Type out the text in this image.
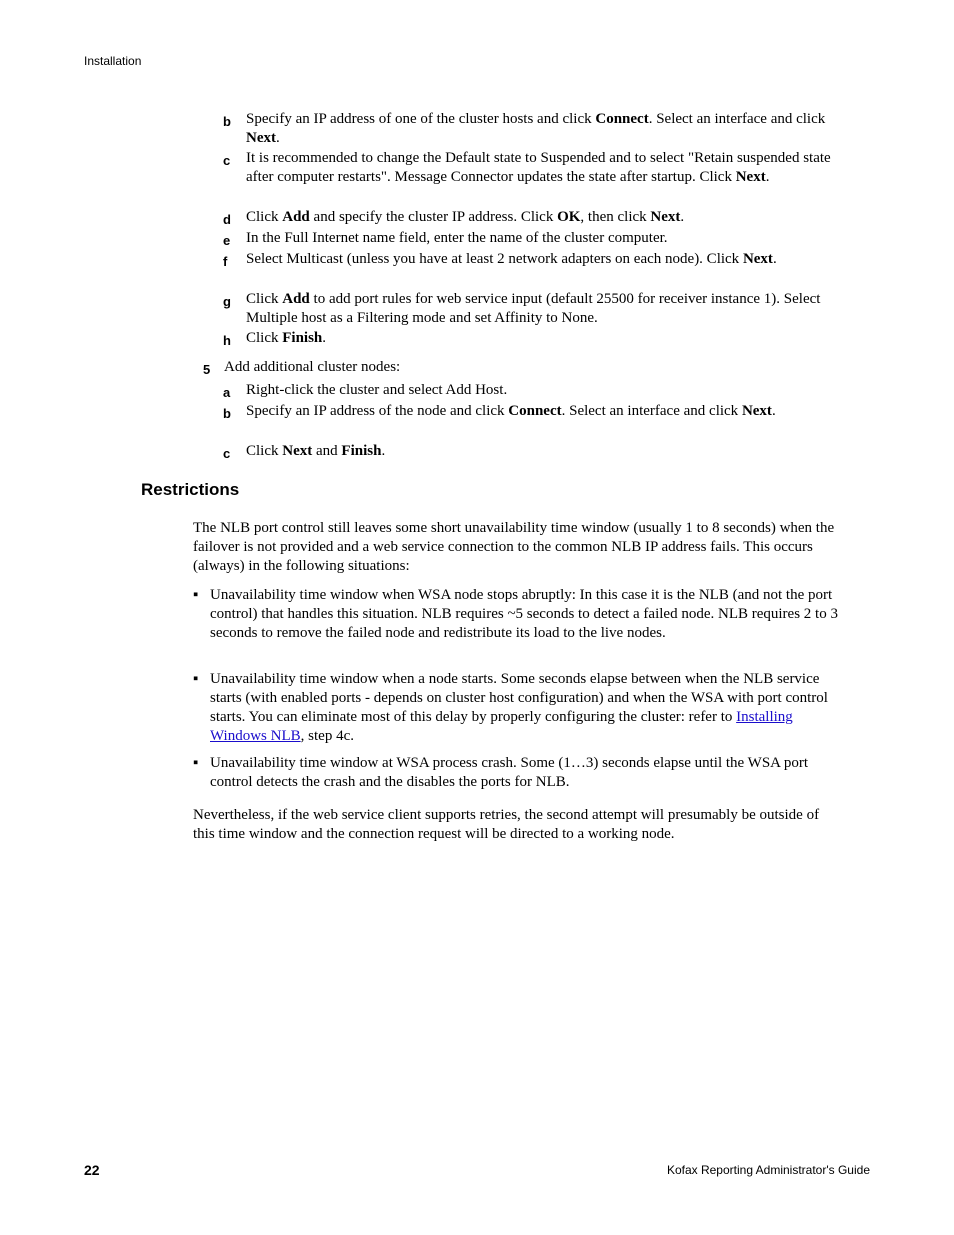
Installation
b Specify an IP address of one of the cluster hosts and click Connect. Select an interface and click Next.
c It is recommended to change the Default state to Suspended and to select "Retain suspended state after computer restarts". Message Connector updates the state after startup. Click Next.
d Click Add and specify the cluster IP address. Click OK, then click Next.
e In the Full Internet name field, enter the name of the cluster computer.
f Select Multicast (unless you have at least 2 network adapters on each node). Click Next.
g Click Add to add port rules for web service input (default 25500 for receiver instance 1). Select Multiple host as a Filtering mode and set Affinity to None.
h Click Finish.
5 Add additional cluster nodes:
a Right-click the cluster and select Add Host.
b Specify an IP address of the node and click Connect. Select an interface and click Next.
c Click Next and Finish.
Restrictions
The NLB port control still leaves some short unavailability time window (usually 1 to 8 seconds) when the failover is not provided and a web service connection to the common NLB IP address fails. This occurs (always) in the following situations:
▪ Unavailability time window when WSA node stops abruptly: In this case it is the NLB (and not the port control) that handles this situation. NLB requires ~5 seconds to detect a failed node. NLB requires 2 to 3 seconds to remove the failed node and redistribute its load to the live nodes.
▪ Unavailability time window when a node starts. Some seconds elapse between when the NLB service starts (with enabled ports - depends on cluster host configuration) and when the WSA with port control starts. You can eliminate most of this delay by properly configuring the cluster: refer to Installing Windows NLB, step 4c.
▪ Unavailability time window at WSA process crash. Some (1…3) seconds elapse until the WSA port control detects the crash and the disables the ports for NLB.
Nevertheless, if the web service client supports retries, the second attempt will presumably be outside of this time window and the connection request will be directed to a working node.
22	Kofax Reporting Administrator's Guide
